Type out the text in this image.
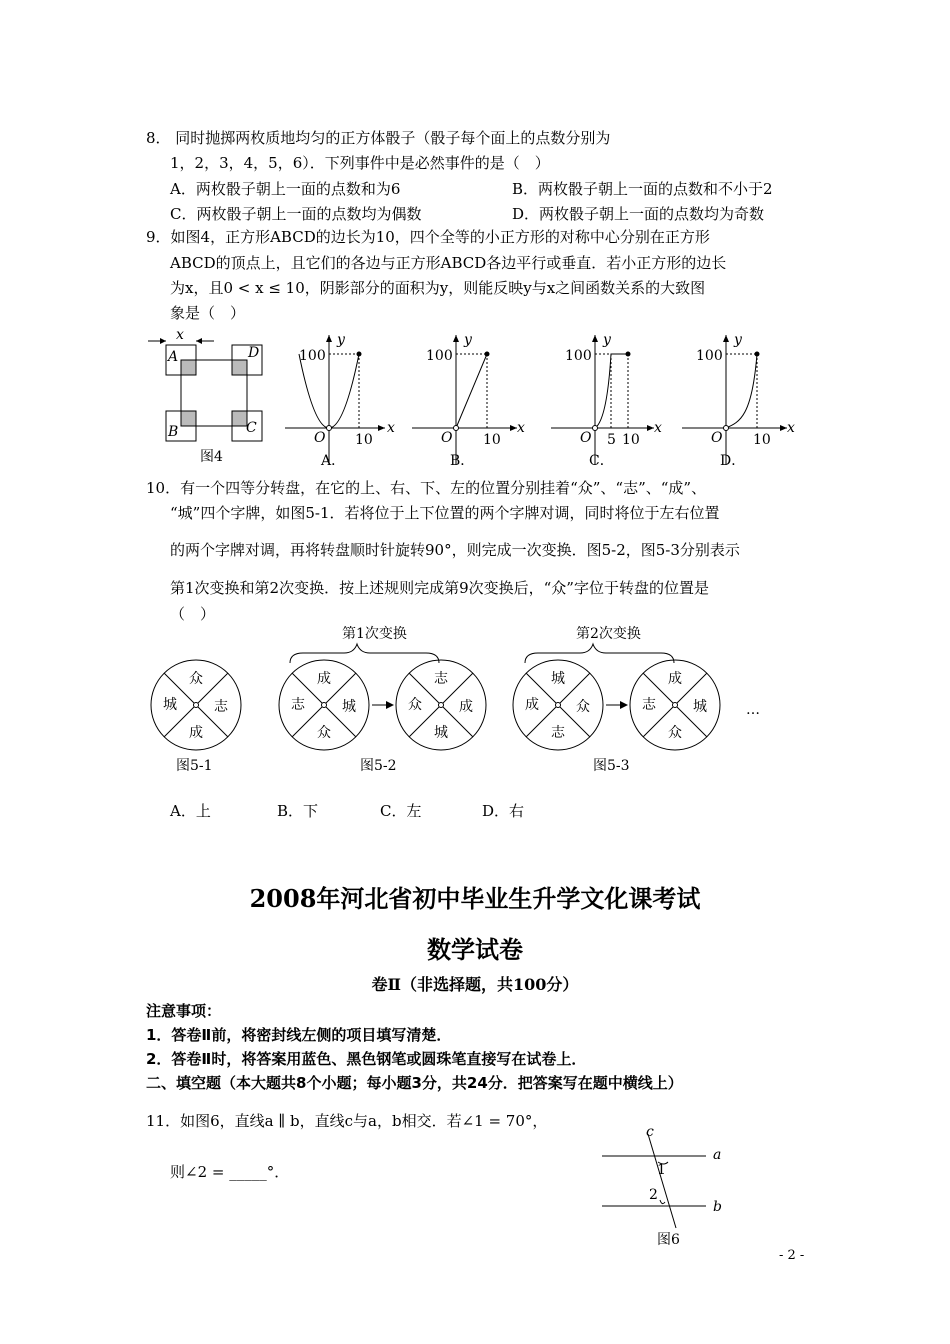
8． 同时抛掷两枚质地均匀的正方体骰子（骰子每个面上的点数分别为
1，2，3，4，5，6）．下列事件中是必然事件的是（　）
A．两枚骰子朝上一面的点数和为6	B．两枚骰子朝上一面的点数和不小于2
C．两枚骰子朝上一面的点数均为偶数	D．两枚骰子朝上一面的点数均为奇数
9．如图4，正方形ABCD的边长为10，四个全等的小正方形的对称中心分别在正方形
ABCD的顶点上，且它们的各边与正方形ABCD各边平行或垂直．若小正方形的边长
为x，且0 < x ≤ 10，阴影部分的面积为y，则能反映y与x之间函数关系的大致图
象是（　）
x
A	D
B	C
图4
100
10
O
x
y
A．
100
10
O
x
y
B．
100
5 10
O
x
y
C．
100
10
O
x
y
D．
10．有一个四等分转盘，在它的上、右、下、左的位置分别挂着“众”、“志”、“成”、
“城”四个字牌，如图5-1．若将位于上下位置的两个字牌对调，同时将位于左右位置
的两个字牌对调，再将转盘顺时针旋转90°，则完成一次变换．图5-2，图5-3分别表示
第1次变换和第2次变换．按上述规则完成第9次变换后，“众”字位于转盘的位置是
（　）
第1次变换	第2次变换
众
志
成
城
成
城
众
志
志
成
城
众
城
众
志
成
成
城
众
志	…
图5-1	图5-2	图5-3
A．上	B．下	C．左	D．右
2008年河北省初中毕业生升学文化课考试
数学试卷
卷Ⅱ（非选择题，共100分）
注意事项：
1．答卷Ⅱ前，将密封线左侧的项目填写清楚．
2．答卷Ⅱ时，将答案用蓝色、黑色钢笔或圆珠笔直接写在试卷上．
二、填空题（本大题共8个小题；每小题3分，共24分．把答案写在题中横线上）
11．如图6，直线a ∥ b，直线c与a，b相交．若∠1 = 70°，
则∠2 = _____°．
c
a
b
1
2
图6
- 2 -
